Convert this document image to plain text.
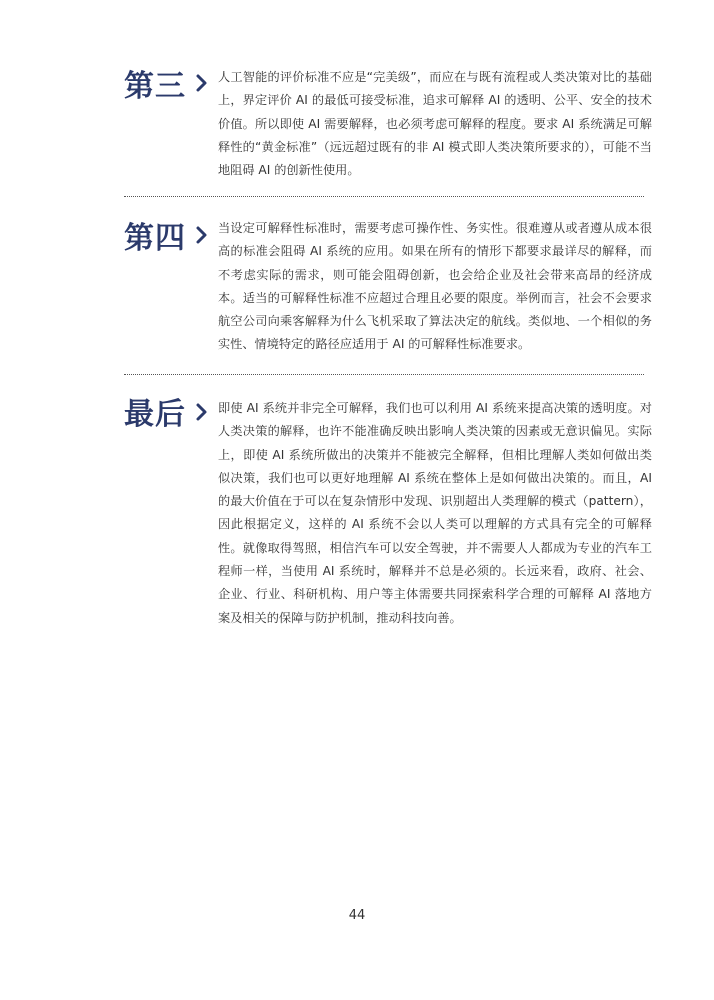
第三	人工智能的评价标准不应是“完美级”，而应在与既有流程或人类决策对比的基础上，界定评价 AI 的最低可接受标准，追求可解释 AI 的透明、公平、安全的技术价值。所以即使 AI 需要解释，也必须考虑可解释的程度。要求 AI 系统满足可解释性的“黄金标准”（远远超过既有的非 AI 模式即人类决策所要求的），可能不当地阻碍 AI 的创新性使用。

第四	当设定可解释性标准时，需要考虑可操作性、务实性。很难遵从或者遵从成本很高的标准会阻碍 AI 系统的应用。如果在所有的情形下都要求最详尽的解释，而不考虑实际的需求，则可能会阻碍创新，也会给企业及社会带来高昂的经济成本。适当的可解释性标准不应超过合理且必要的限度。举例而言，社会不会要求航空公司向乘客解释为什么飞机采取了算法决定的航线。类似地、一个相似的务实性、情境特定的路径应适用于 AI 的可解释性标准要求。

最后	即使 AI 系统并非完全可解释，我们也可以利用 AI 系统来提高决策的透明度。对人类决策的解释，也许不能准确反映出影响人类决策的因素或无意识偏见。实际上，即使 AI 系统所做出的决策并不能被完全解释，但相比理解人类如何做出类似决策，我们也可以更好地理解 AI 系统在整体上是如何做出决策的。而且，AI 的最大价值在于可以在复杂情形中发现、识别超出人类理解的模式（pattern），因此根据定义，这样的 AI 系统不会以人类可以理解的方式具有完全的可解释性。就像取得驾照，相信汽车可以安全驾驶，并不需要人人都成为专业的汽车工程师一样，当使用 AI 系统时，解释并不总是必须的。长远来看，政府、社会、企业、行业、科研机构、用户等主体需要共同探索科学合理的可解释 AI 落地方案及相关的保障与防护机制，推动科技向善。

44
